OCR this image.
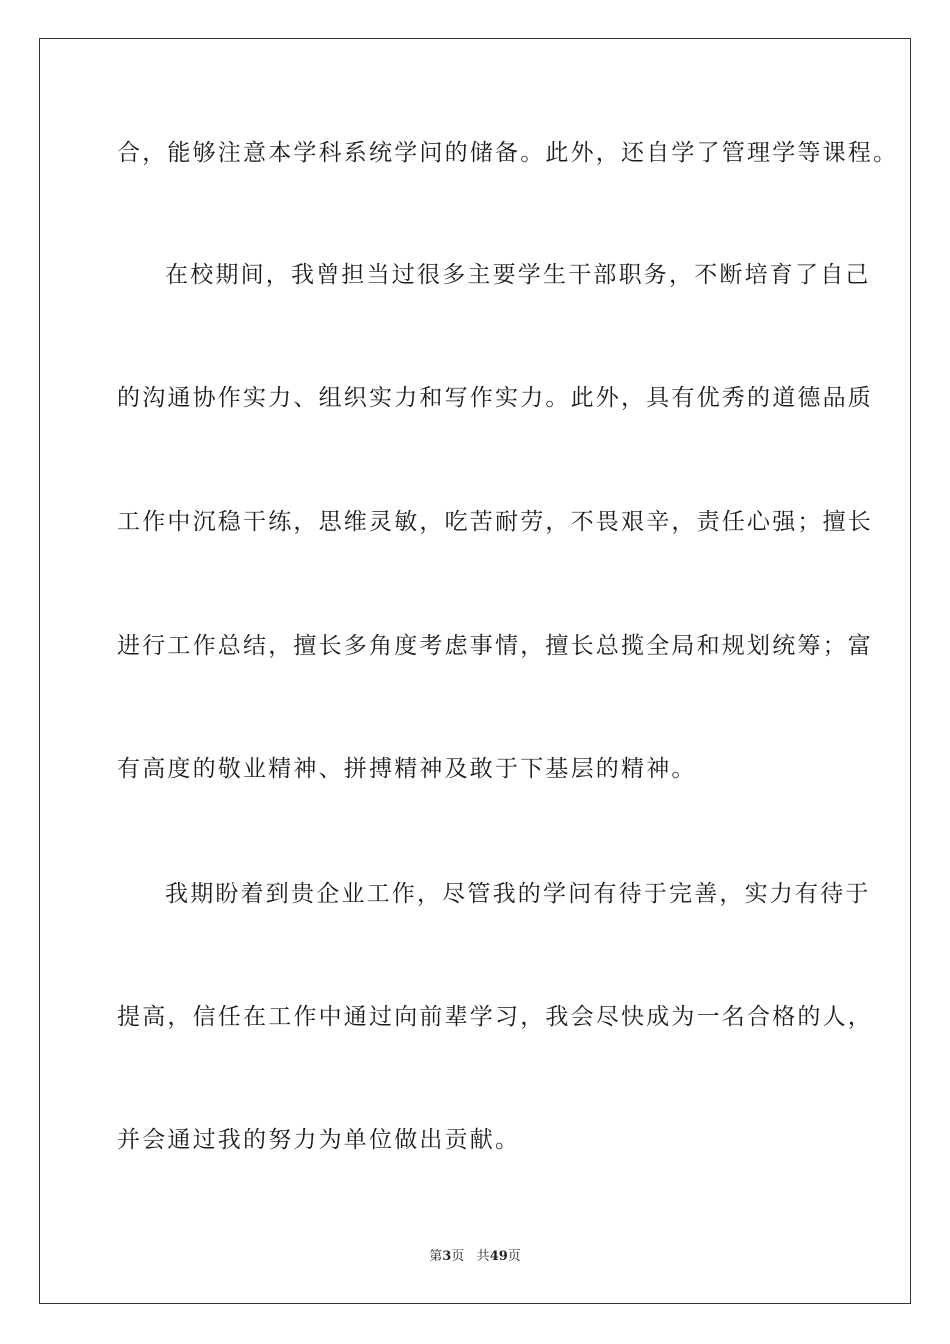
合，能够注意本学科系统学问的储备。此外，还自学了管理学等课程。
在校期间，我曾担当过很多主要学生干部职务，不断培育了自己
的沟通协作实力、组织实力和写作实力。此外，具有优秀的道德品质
工作中沉稳干练，思维灵敏，吃苦耐劳，不畏艰辛，责任心强；擅长
进行工作总结，擅长多角度考虑事情，擅长总揽全局和规划统筹；富
有高度的敬业精神、拼搏精神及敢于下基层的精神。
我期盼着到贵企业工作，尽管我的学问有待于完善，实力有待于
提高，信任在工作中通过向前辈学习，我会尽快成为一名合格的人，
并会通过我的努力为单位做出贡献。
第3页 共49页
